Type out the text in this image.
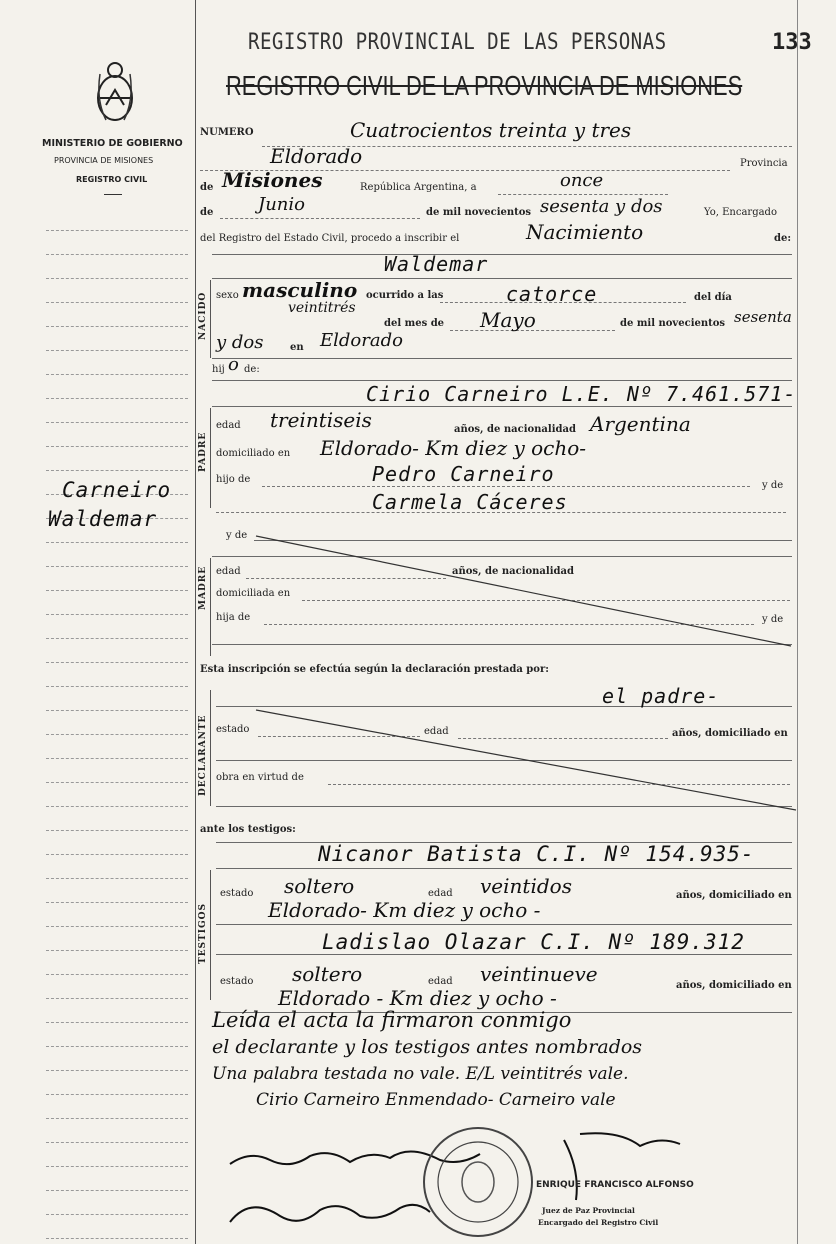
MINISTERIO DE GOBIERNO
PROVINCIA DE MISIONES
REGISTRO CIVIL
Carneiro
Waldemar
REGISTRO PROVINCIAL DE LAS PERSONAS	133
REGISTRO CIVIL DE LA PROVINCIA DE MISIONES
NUMERO	Cuatrocientos treinta y tres
Eldorado	Provincia
de Misiones	República Argentina, a	once
de Junio	de mil novecientos sesenta y dos	Yo, Encargado
del Registro del Estado Civil, procedo a inscribir el	Nacimiento	de:
Waldemar
NACIDO sexo masculino ocurrido a las	catorce	del día
veintitrés
del mes de Mayo	de mil novecientos sesenta
y dos	en Eldorado
hij o de:
Cirio Carneiro L.E. Nº 7.461.571-
PADRE
edad treintiseis	años, de nacionalidad Argentina
domiciliado en Eldorado- Km diez y ocho-
hijo de	Pedro Carneiro	y de
Carmela Cáceres
y de
MADRE edad	años, de nacionalidad
domiciliada en
hija de	y de
Esta inscripción se efectúa según la declaración prestada por:
el padre-
DECLARANTE estado	edad	años, domiciliado en
obra en virtud de
ante los testigos:
Nicanor Batista C.I. Nº 154.935-
TESTIGOS
estado soltero	edad veintidos	años, domiciliado en
Eldorado- Km diez y ocho -
Ladislao Olazar C.I. Nº 189.312
estado soltero	edad veintinueve	años, domiciliado en
Eldorado - Km diez y ocho -
Leída el acta la firmaron conmigo
el declarante y los testigos antes nombrados
Una palabra testada no vale. E/L veintitrés vale.
Cirio Carneiro Enmendado- Carneiro vale
ENRIQUE FRANCISCO ALFONSO
Juez de Paz Provincial
Encargado del Registro Civil
